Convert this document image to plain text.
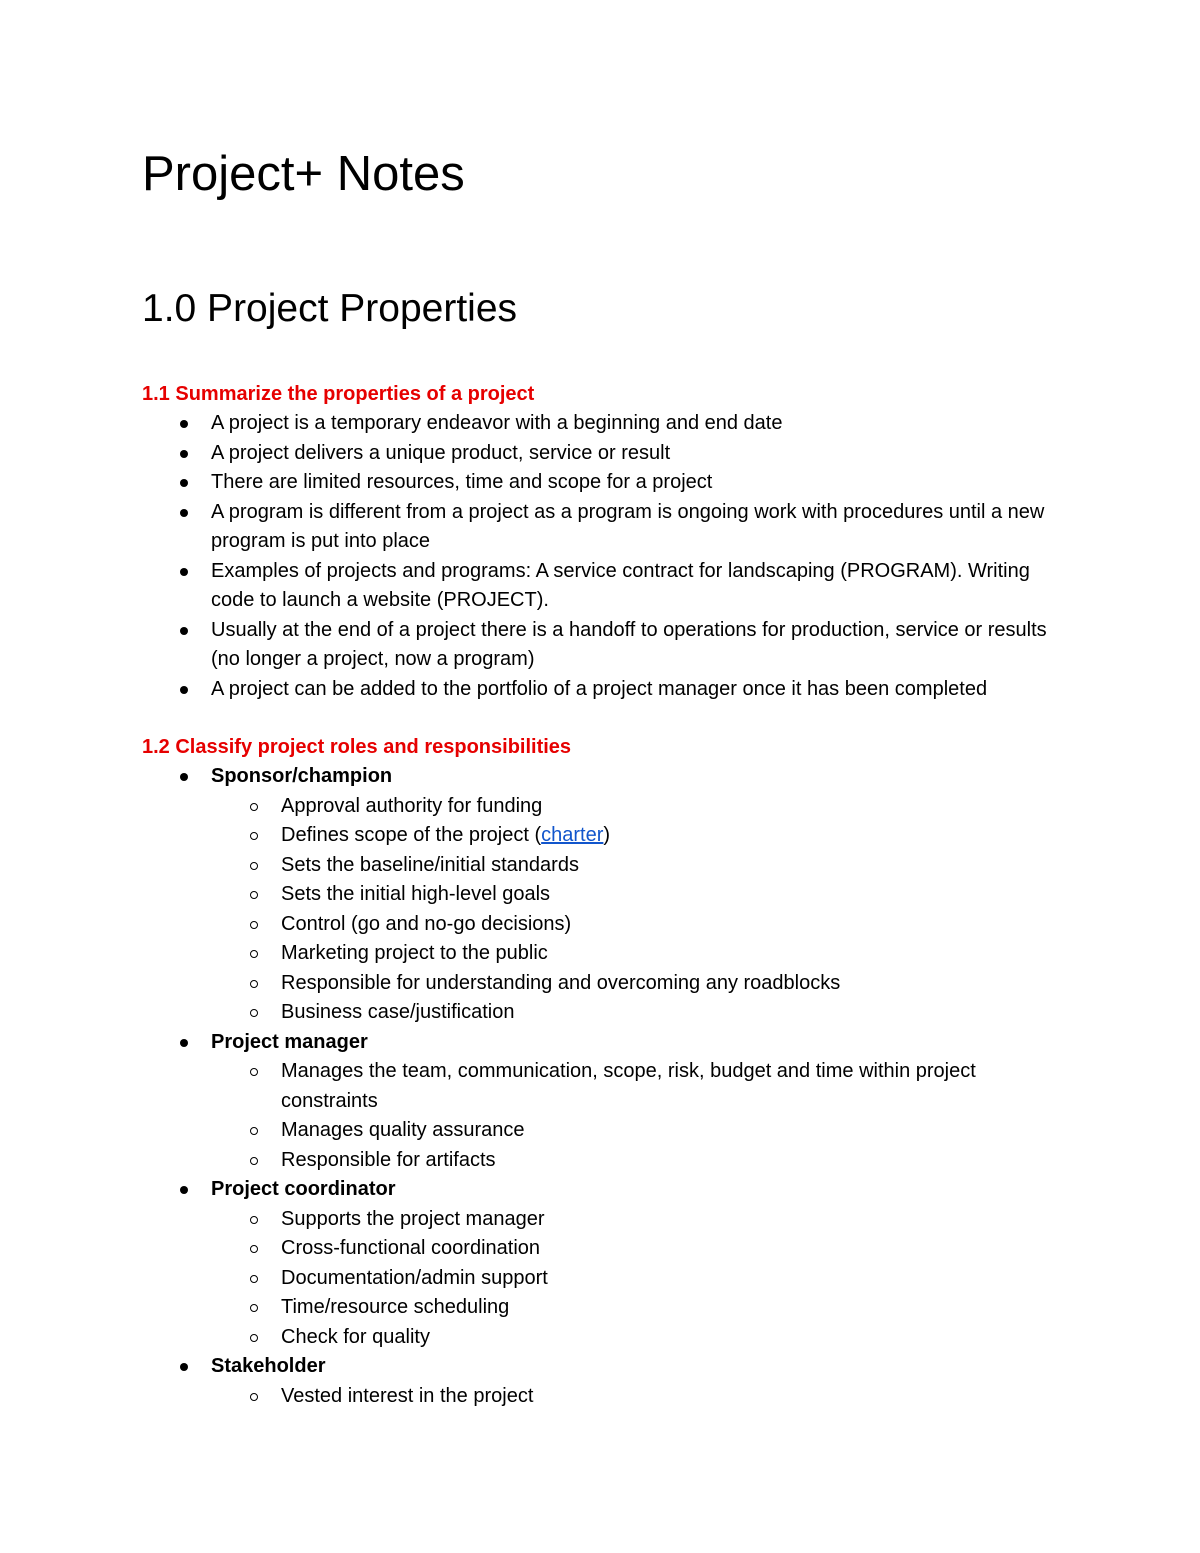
Project+ Notes
1.0 Project Properties
1.1 Summarize the properties of a project
A project is a temporary endeavor with a beginning and end date
A project delivers a unique product, service or result
There are limited resources, time and scope for a project
A program is different from a project as a program is ongoing work with procedures until a new program is put into place
Examples of projects and programs: A service contract for landscaping (PROGRAM). Writing code to launch a website (PROJECT).
Usually at the end of a project there is a handoff to operations for production, service or results (no longer a project, now a program)
A project can be added to the portfolio of a project manager once it has been completed
1.2 Classify project roles and responsibilities
Sponsor/champion
Approval authority for funding
Defines scope of the project (charter)
Sets the baseline/initial standards
Sets the initial high-level goals
Control (go and no-go decisions)
Marketing project to the public
Responsible for understanding and overcoming any roadblocks
Business case/justification
Project manager
Manages the team, communication, scope, risk, budget and time within project constraints
Manages quality assurance
Responsible for artifacts
Project coordinator
Supports the project manager
Cross-functional coordination
Documentation/admin support
Time/resource scheduling
Check for quality
Stakeholder
Vested interest in the project
